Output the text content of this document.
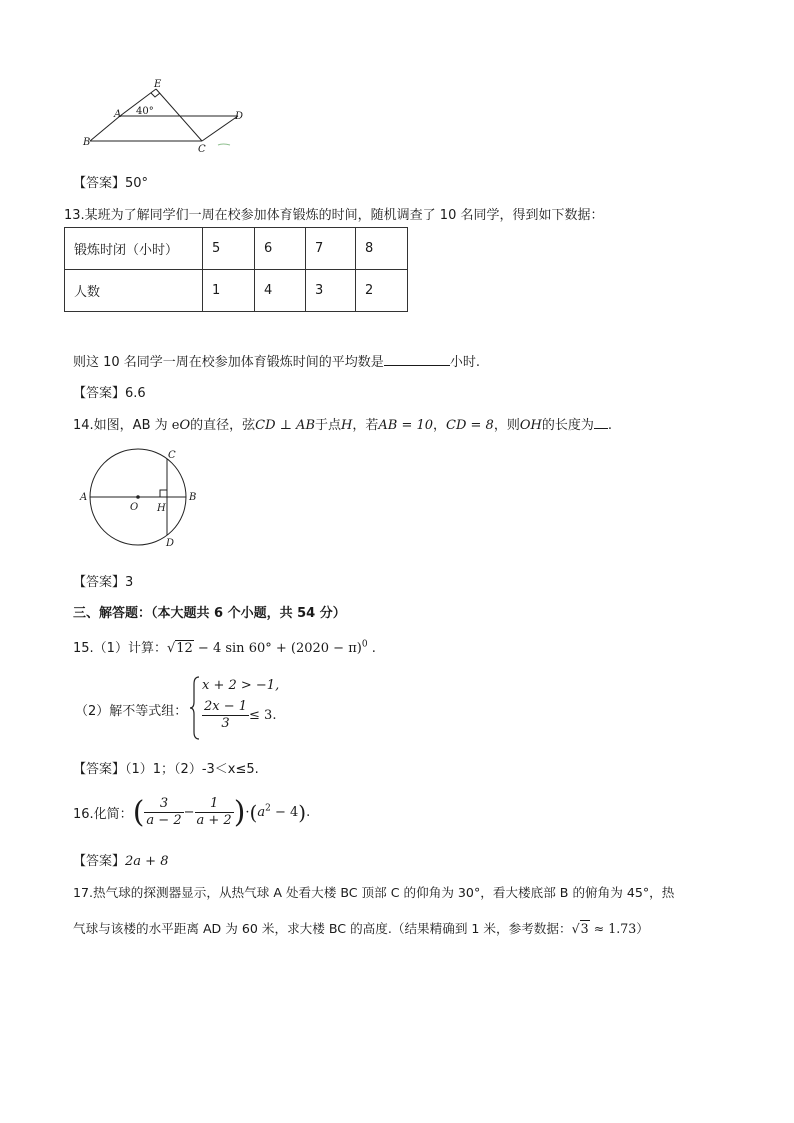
E
A 40°	D
B
C
【答案】50°
13.某班为了解同学们一周在校参加体育锻炼的时间，随机调查了 10 名同学，得到如下数据：
锻炼时闭（小时）	5	6	7	8
人数	1	4	3	2
则这 10 名同学一周在校参加体育锻炼时间的平均数是	小时.
【答案】6.6
14.如图，AB 为 eO的直径，弦CD ⊥ AB于点H，若AB = 10，CD = 8，则OH的长度为 .
A	B
C
D
O H
【答案】3
三、解答题：（本大题共 6 个小题，共 54 分）
15.（1）计算：√12 − 4 $\sin 60^\circ + (2020 - \pi)^0$ .
（2）解不等式组：
x + 2 > −1,
$\frac{2x - 1}{3} \le 3$.
【答案】（1）1；（2）-3＜x≤5.
16.化简：( $\frac{3}{a - 2} - \frac{1}{a + 2} )\cdot(a^2 - 4)$.
【答案】2a + 8
17.热气球的探测器显示，从热气球 A 处看大楼 BC 顶部 C 的仰角为 30°，看大楼底部 B 的俯角为 45°，热
气球与该楼的水平距离 AD 为 60 米，求大楼 BC 的高度.（结果精确到 1 米，参考数据：√3 ≈ 1.73）
